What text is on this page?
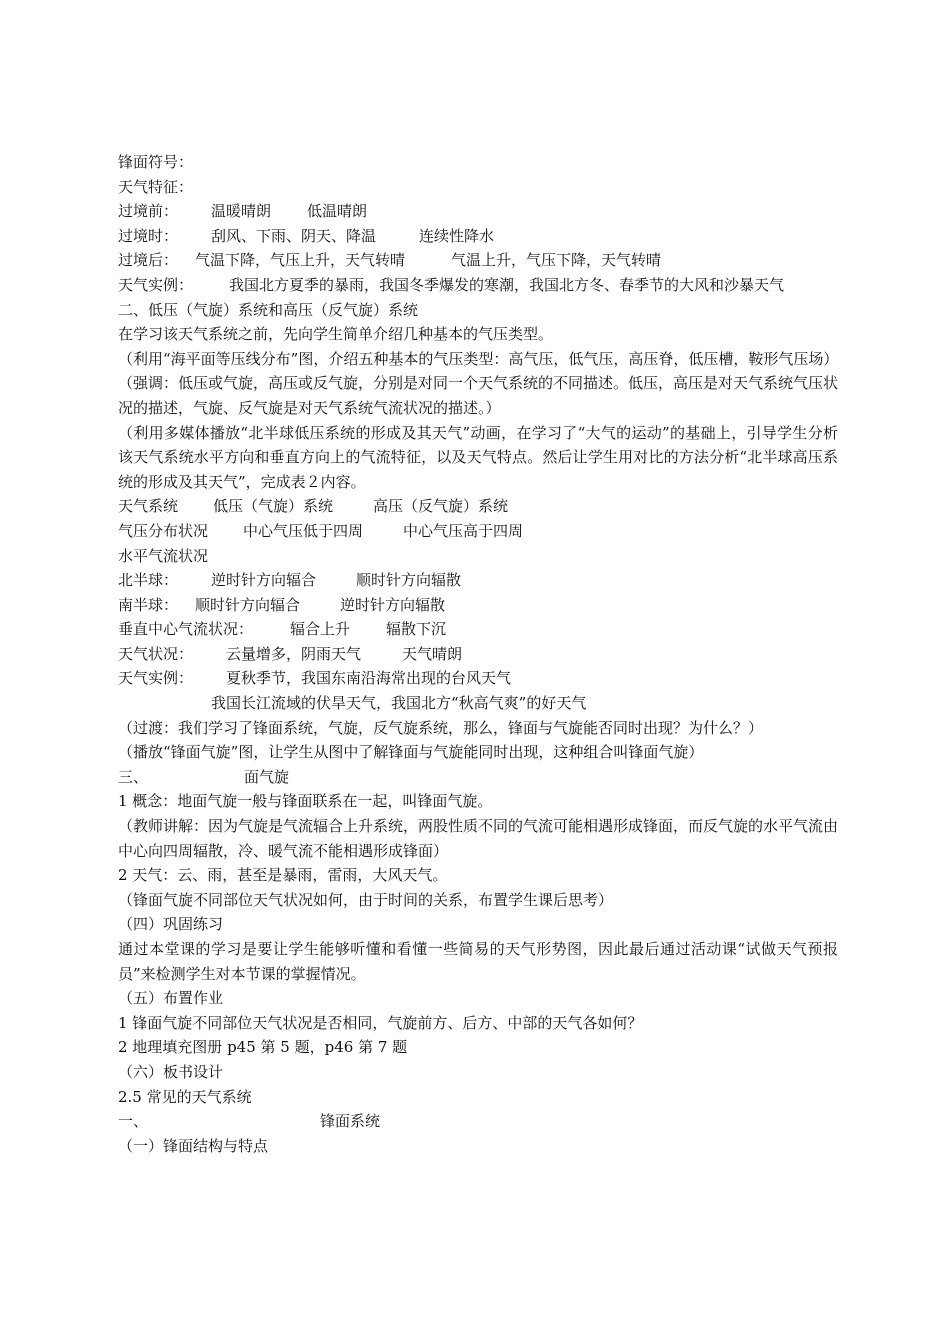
锋面符号：
天气特征：
过境前： 温暖晴朗 低温晴朗
过境时： 刮风、下雨、阴天、降温	连续性降水
过境后： 气温下降，气压上升，天气转晴	气温上升，气压下降，天气转晴
天气实例： 我国北方夏季的暴雨，我国冬季爆发的寒潮，我国北方冬、春季节的大风和沙暴天气
二、低压（气旋）系统和高压（反气旋）系统
在学习该天气系统之前，先向学生简单介绍几种基本的气压类型。
（利用“海平面等压线分布”图，介绍五种基本的气压类型：高气压，低气压，高压脊，低压槽，鞍形气压场）
（强调：低压或气旋，高压或反气旋，分别是对同一个天气系统的不同描述。低压，高压是对天气系统气压状况的描述，气旋、反气旋是对天气系统气流状况的描述。）
（利用多媒体播放“北半球低压系统的形成及其天气”动画，在学习了“大气的运动”的基础上，引导学生分析该天气系统水平方向和垂直方向上的气流特征，以及天气特点。然后让学生用对比的方法分析“北半球高压系统的形成及其天气”，完成表２内容。
天气系统 低压（气旋）系统	高压（反气旋）系统
气压分布状况 中心气压低于四周	中心气压高于四周
水平气流状况
北半球： 逆时针方向辐合	顺时针方向辐散
南半球： 顺时针方向辐合	逆时针方向辐散
垂直中心气流状况： 辐合上升 辐散下沉
天气状况： 云量增多，阴雨天气	天气晴朗
天气实例： 夏秋季节，我国东南沿海常出现的台风天气
我国长江流域的伏旱天气，我国北方“秋高气爽”的好天气
（过渡：我们学习了锋面系统，气旋，反气旋系统，那么，锋面与气旋能否同时出现？为什么？）
（播放“锋面气旋”图，让学生从图中了解锋面与气旋能同时出现，这种组合叫锋面气旋）
三、	面气旋
1 概念：地面气旋一般与锋面联系在一起，叫锋面气旋。
（教师讲解：因为气旋是气流辐合上升系统，两股性质不同的气流可能相遇形成锋面，而反气旋的水平气流由中心向四周辐散，冷、暖气流不能相遇形成锋面）
2 天气：云、雨，甚至是暴雨，雷雨，大风天气。
（锋面气旋不同部位天气状况如何，由于时间的关系，布置学生课后思考）
（四）巩固练习
通过本堂课的学习是要让学生能够听懂和看懂一些简易的天气形势图，因此最后通过活动课“试做天气预报员”来检测学生对本节课的掌握情况。
（五）布置作业
1 锋面气旋不同部位天气状况是否相同，气旋前方、后方、中部的天气各如何？
2 地理填充图册 p45 第 5 题，p46 第 7 题
（六）板书设计
2.5 常见的天气系统
一、	锋面系统
（一）锋面结构与特点
